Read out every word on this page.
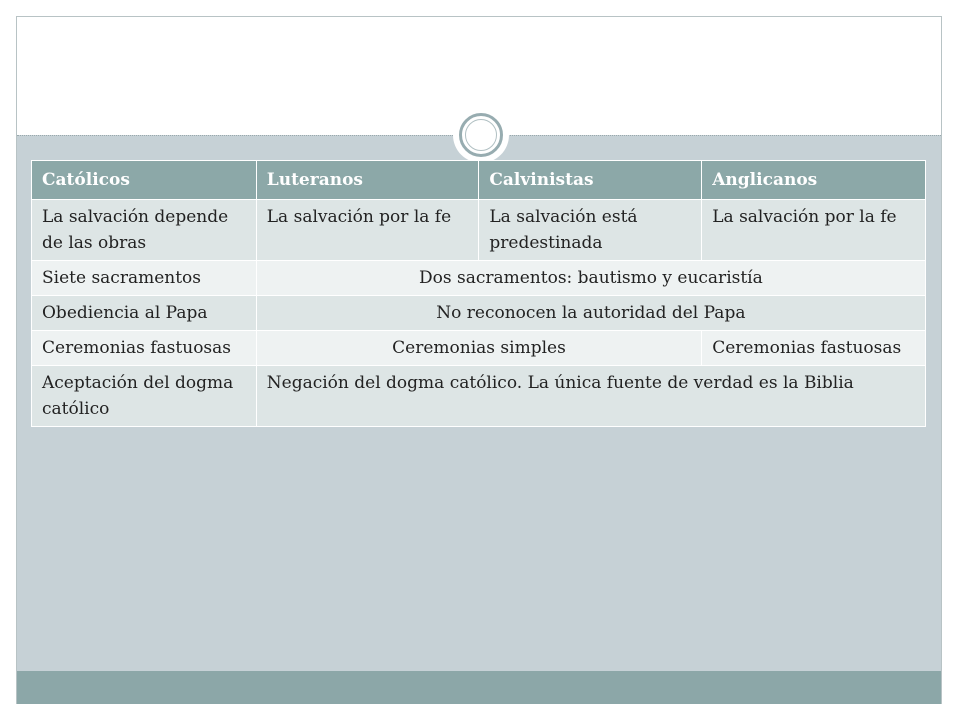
Católicos	Luteranos	Calvinistas	Anglicanos
La salvación depende de las obras	La salvación por la fe	La salvación está predestinada	La salvación por la fe
Siete sacramentos	Dos sacramentos: bautismo y eucaristía		
Obediencia al Papa	No reconocen la autoridad del Papa		
Ceremonias fastuosas	Ceremonias simples		Ceremonias fastuosas
Aceptación del dogma católico	Negación del dogma católico. La única fuente de verdad es la Biblia		
